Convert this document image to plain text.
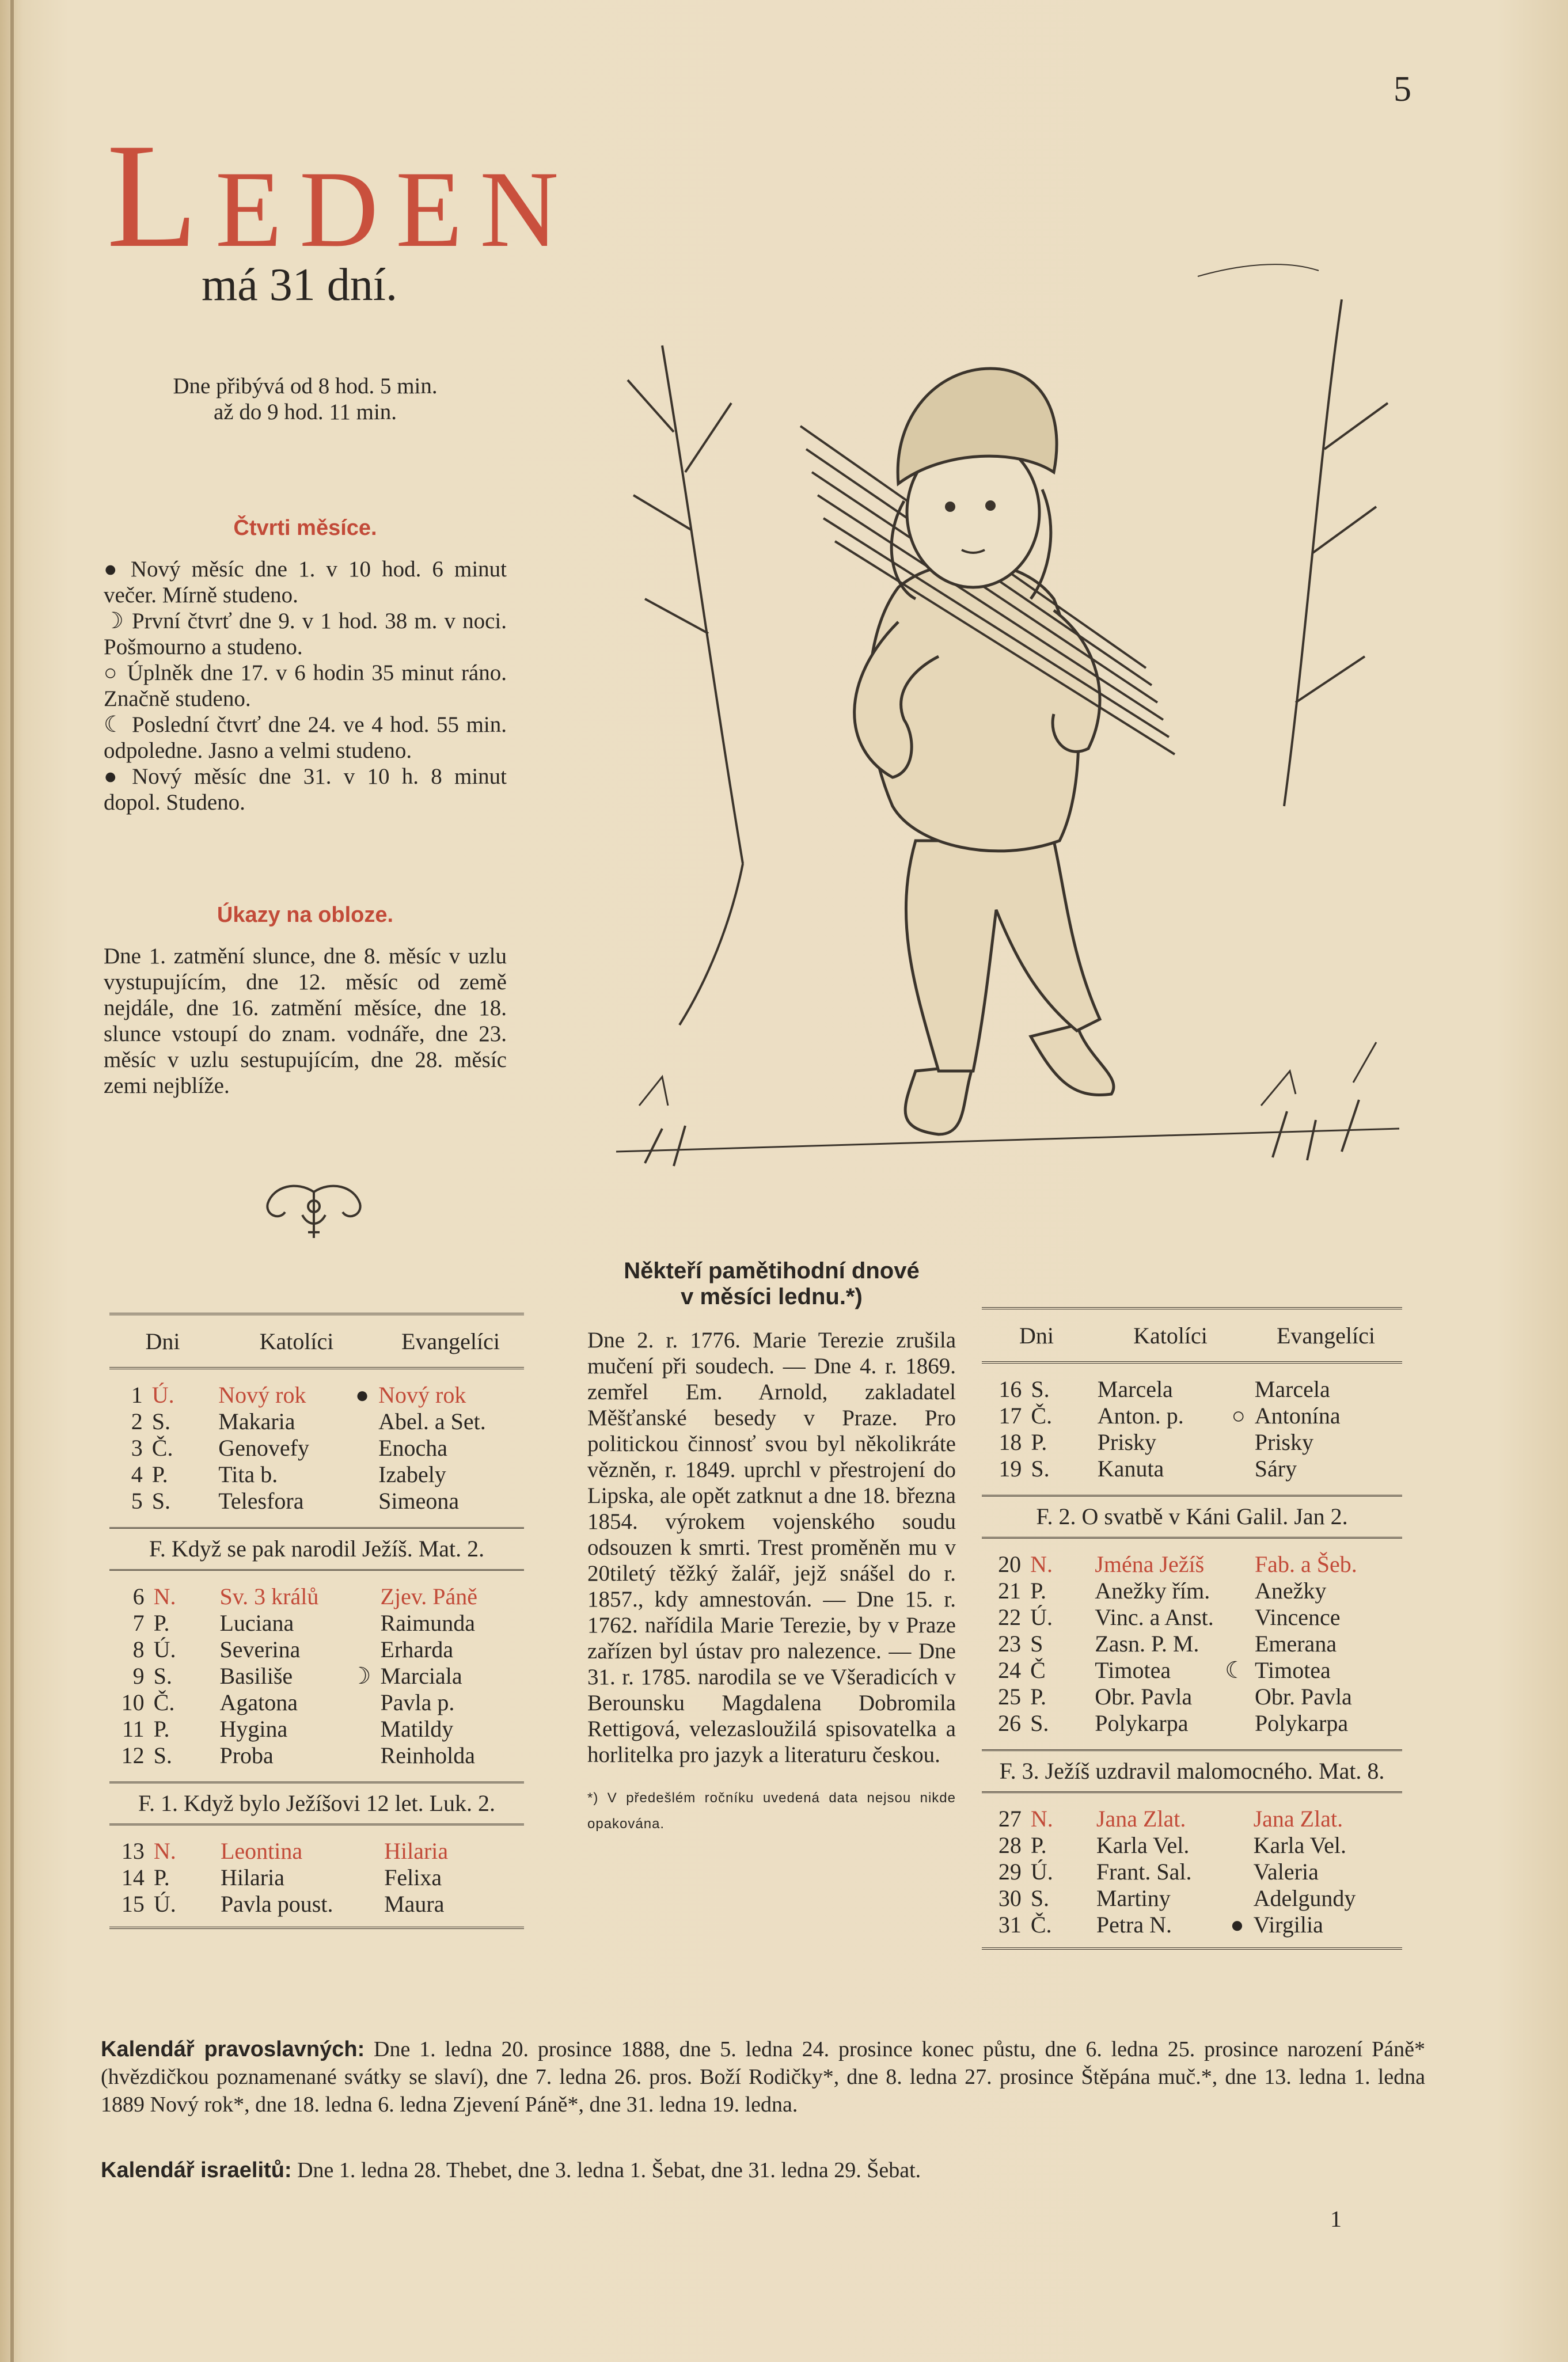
5
LEDEN
má 31 dní.
Dne přibývá od 8 hod. 5 min.
až do 9 hod. 11 min.
Čtvrti měsíce.
● Nový měsíc dne 1. v 10 hod. 6 minut večer. Mírně studeno.
☽ První čtvrť dne 9. v 1 hod. 38 m. v noci. Pošmourno a studeno.
○ Úplněk dne 17. v 6 hodin 35 minut ráno. Značně studeno.
☾ Poslední čtvrť dne 24. ve 4 hod. 55 min. odpoledne. Jasno a velmi studeno.
● Nový měsíc dne 31. v 10 h. 8 minut dopol. Studeno.
Úkazy na obloze.
Dne 1. zatmění slunce, dne 8. měsíc v uzlu vystupujícím, dne 12. měsíc od země nejdále, dne 16. zatmění měsíce, dne 18. slunce vstoupí do znam. vodnáře, dne 23. měsíc v uzlu sestupujícím, dne 28. měsíc zemi nejblíže.
Dni	Katolíci	Evangelíci
1	Ú.	Nový rok ●	Nový rok
2	S.	Makaria	Abel. a Set.
3	Č.	Genovefy	Enocha
4	P.	Tita b.	Izabely
5	S.	Telesfora	Simeona
F. Když se pak narodil Ježíš. Mat. 2.
6	N.	Sv. 3 králů	Zjev. Páně
7	P.	Luciana	Raimunda
8	Ú.	Severina	Erharda
9	S.	Basiliše ☽	Marciala
10	Č.	Agatona	Pavla p.
11	P.	Hygina	Matildy
12	S.	Proba	Reinholda
F. 1. Když bylo Ježíšovi 12 let. Luk. 2.
13	N.	Leontina	Hilaria
14	P.	Hilaria	Felixa
15	Ú.	Pavla poust.	Maura
Někteří pamětihodní dnové
v měsíci lednu.*)
Dne 2. r. 1776. Marie Terezie zrušila mučení při soudech. — Dne 4. r. 1869. zemřel Em. Arnold, zakladatel Měšťanské besedy v Praze. Pro politickou činnosť svou byl několikráte vězněn, r. 1849. uprchl v přestrojení do Lipska, ale opět zatknut a dne 18. března 1854. výrokem vojenského soudu odsouzen k smrti. Trest proměněn mu v 20tiletý těžký žalář, jejž snášel do r. 1857., kdy amnestován. — Dne 15. r. 1762. nařídila Marie Terezie, by v Praze zařízen byl ústav pro nalezence. — Dne 31. r. 1785. narodila se ve Všeradicích v Berounsku Magdalena Dobromila Rettigová, velezasloužilá spisovatelka a horlitelka pro jazyk a literaturu českou.
*) V předešlém ročníku uvedená data nejsou nikde opakována.
Dni	Katolíci	Evangelíci
16	S.	Marcela	Marcela
17	Č.	Anton. p. ○	Antonína
18	P.	Prisky	Prisky
19	S.	Kanuta	Sáry
F. 2. O svatbě v Káni Galil. Jan 2.
20	N.	Jména Ježíš	Fab. a Šeb.
21	P.	Anežky řím.	Anežky
22	Ú.	Vinc. a Anst.	Vincence
23	S	Zasn. P. M.	Emerana
24	Č	Timotea ☾	Timotea
25	P.	Obr. Pavla	Obr. Pavla
26	S.	Polykarpa	Polykarpa
F. 3. Ježíš uzdravil malomocného. Mat. 8.
27	N.	Jana Zlat.	Jana Zlat.
28	P.	Karla Vel.	Karla Vel.
29	Ú.	Frant. Sal.	Valeria
30	S.	Martiny	Adelgundy
31	Č.	Petra N. ●	Virgilia
Kalendář pravoslavných: Dne 1. ledna 20. prosince 1888, dne 5. ledna 24. prosince konec půstu, dne 6. ledna 25. prosince narození Páně* (hvězdičkou poznamenané svátky se slaví), dne 7. ledna 26. pros. Boží Rodičky*, dne 8. ledna 27. prosince Štěpána muč.*, dne 13. ledna 1. ledna 1889 Nový rok*, dne 18. ledna 6. ledna Zjevení Páně*, dne 31. ledna 19. ledna.
Kalendář israelitů: Dne 1. ledna 28. Thebet, dne 3. ledna 1. Šebat, dne 31. ledna 29. Šebat.
1
